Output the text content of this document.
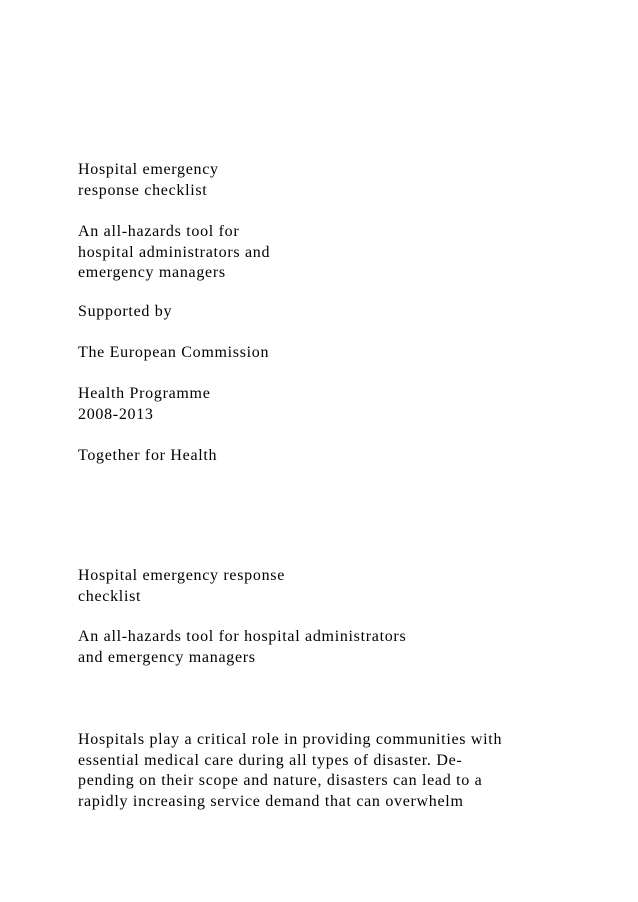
Hospital emergency
response checklist
An all-hazards tool for
hospital administrators and
emergency managers
Supported by
The European Commission
Health Programme
2008-2013
Together for Health
Hospital emergency response
checklist
An all-hazards tool for hospital administrators
and emergency managers
Hospitals play a critical role in providing communities with
essential medical care during all types of disaster. De-
pending on their scope and nature, disasters can lead to a
rapidly increasing service demand that can overwhelm
